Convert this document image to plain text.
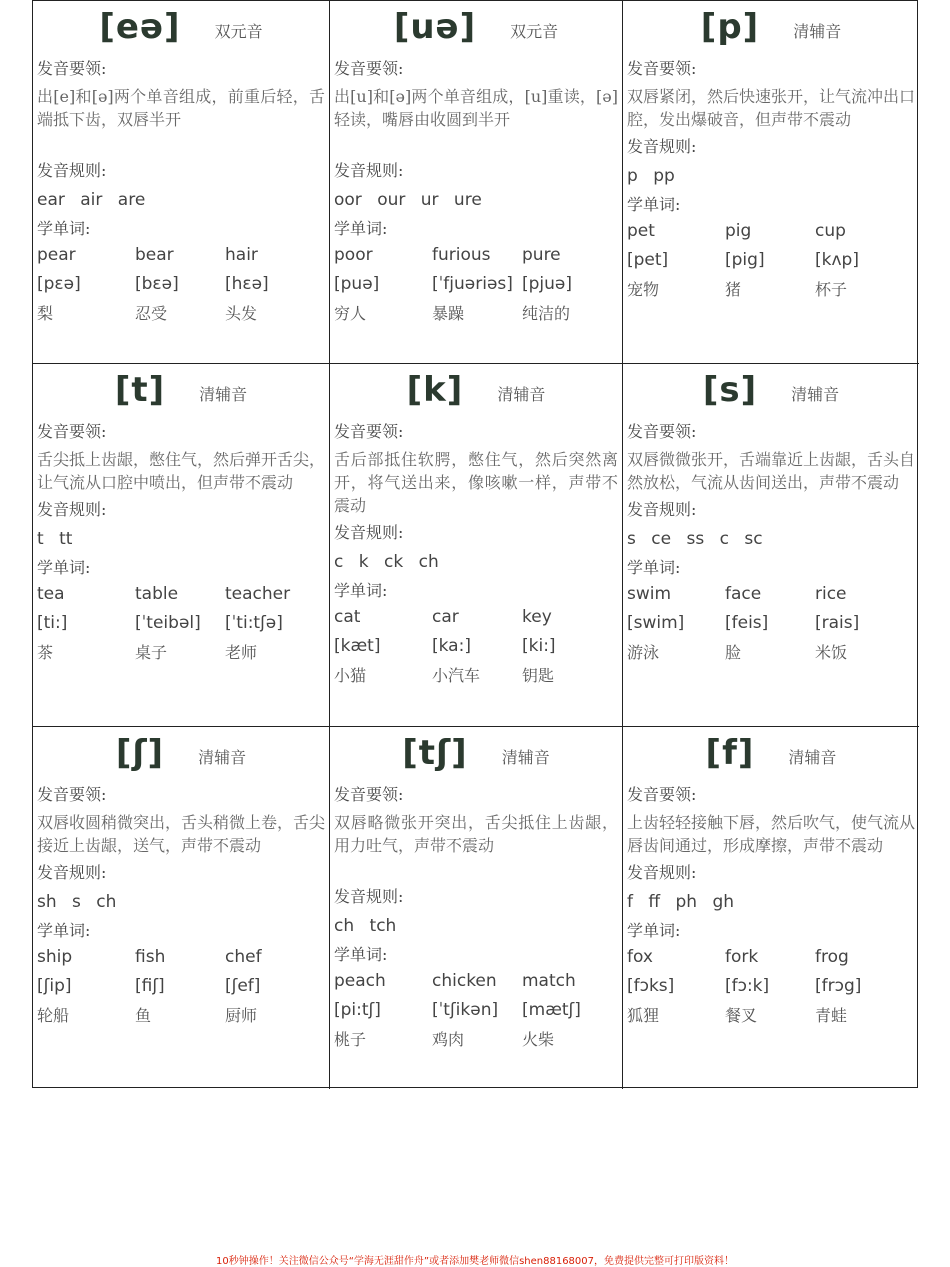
[eə] 双元音
发音要领:
出[e]和[ə]两个单音组成，前重后轻，舌端抵下齿，双唇半开
发音规则:
ear air are
学单词:
pear	bear	hair
[pεə]	[bεə]	[hεə]
梨	忍受	头发
[uə] 双元音
发音要领:
出[u]和[ə]两个单音组成，[u]重读，[ə]轻读，嘴唇由收圆到半开
发音规则:
oor our ur ure
学单词:
poor	furious	pure
[puə]	[ˈfjuəriəs] [pjuə]
穷人	暴躁	纯洁的
[p] 清辅音
发音要领:
双唇紧闭，然后快速张开，让气流冲出口腔，发出爆破音，但声带不震动
发音规则:
p pp
学单词:
pet	pig	cup
[pet]	[pig]	[kʌp]
宠物	猪	杯子
[t] 清辅音
发音要领:
舌尖抵上齿龈，憋住气，然后弹开舌尖，让气流从口腔中喷出，但声带不震动
发音规则:
t tt
学单词:
tea	table	teacher
[ti:]	[ˈteibəl]	[ˈti:tʃə]
茶	桌子	老师
[k] 清辅音
发音要领:
舌后部抵住软腭，憋住气，然后突然离开，将气送出来，像咳嗽一样，声带不震动
发音规则:
c k ck ch
学单词:
cat	car	key
[kæt]	[ka:]	[ki:]
小猫	小汽车	钥匙
[s] 清辅音
发音要领:
双唇微微张开，舌端靠近上齿龈，舌头自然放松，气流从齿间送出，声带不震动
发音规则:
s ce ss c sc
学单词:
swim	face	rice
[swim]	[feis]	[rais]
游泳	脸	米饭
[ʃ] 清辅音
发音要领:
双唇收圆稍微突出，舌头稍微上卷，舌尖接近上齿龈，送气，声带不震动
发音规则:
sh s ch
学单词:
ship	fish	chef
[ʃip]	[fiʃ]	[ʃef]
轮船	鱼	厨师
[tʃ] 清辅音
发音要领:
双唇略微张开突出，舌尖抵住上齿龈，用力吐气，声带不震动
发音规则:
ch tch
学单词:
peach	chicken	match
[pi:tʃ]	[ˈtʃikən]	[mætʃ]
桃子	鸡肉	火柴
[f] 清辅音
发音要领:
上齿轻轻接触下唇，然后吹气，使气流从唇齿间通过，形成摩擦，声带不震动
发音规则:
f ff ph gh
学单词:
fox	fork	frog
[fɔks]	[fɔ:k]	[frɔg]
狐狸	餐叉	青蛙
10秒钟操作！关注微信公众号“学海无涯甜作舟”或者添加樊老师微信shen88168007，免费提供完整可打印版资料！
